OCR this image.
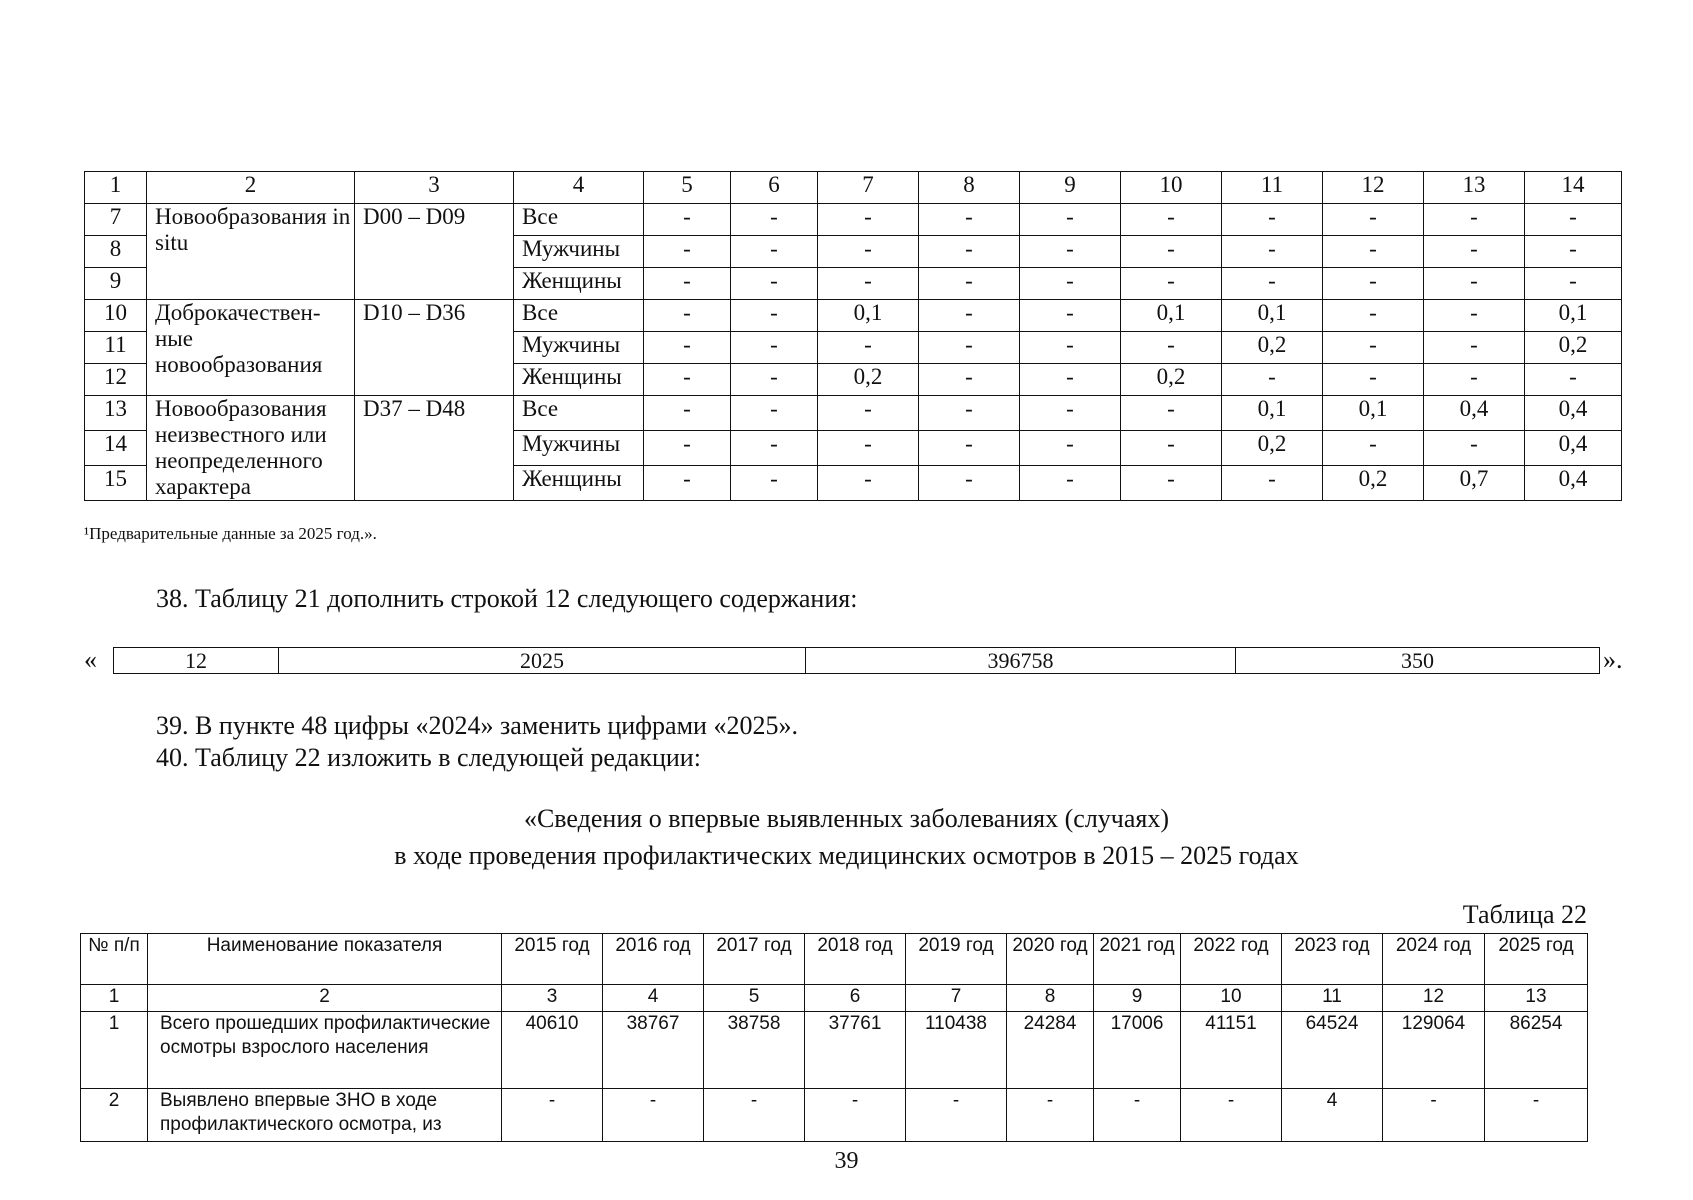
1	2	3	4	5	6	7	8	9	10	11	12	13	14
7	Новообразования in situ	D00 – D09	Все	-	-	-	-	-	-	-	-	-	-
8			Мужчины	-	-	-	-	-	-	-	-	-	-
9			Женщины	-	-	-	-	-	-	-	-	-	-
10	Доброкачествен-ные новообразования	D10 – D36	Все	-	-	0,1	-	-	0,1	0,1	-	-	0,1
11			Мужчины	-	-	-	-	-	-	0,2	-	-	0,2
12			Женщины	-	-	0,2	-	-	0,2	-	-	-	-
13	Новообразования неизвестного или неопределенного характера	D37 – D48	Все	-	-	-	-	-	-	0,1	0,1	0,4	0,4
14			Мужчины	-	-	-	-	-	-	0,2	-	-	0,4
15			Женщины	-	-	-	-	-	-	-	0,2	0,7	0,4
¹Предварительные данные за 2025 год.».
38. Таблицу 21 дополнить строкой 12 следующего содержания:
«	12	2025	396758	350	».
39. В пункте 48 цифры «2024» заменить цифрами «2025».
40. Таблицу 22 изложить в следующей редакции:
«Сведения о впервые выявленных заболеваниях (случаях)
в ходе проведения профилактических медицинских осмотров в 2015 – 2025 годах
Таблица 22
№ п/п	Наименование показателя	2015 год	2016 год	2017 год	2018 год	2019 год	2020 год	2021 год	2022 год	2023 год	2024 год	2025 год
1	2	3	4	5	6	7	8	9	10	11	12	13
1	Всего прошедших профилактические осмотры взрослого населения	40610	38767	38758	37761	110438	24284	17006	41151	64524	129064	86254
2	Выявлено впервые ЗНО в ходе профилактического осмотра, из	-	-	-	-	-	-	-	-	4	-	-
39
